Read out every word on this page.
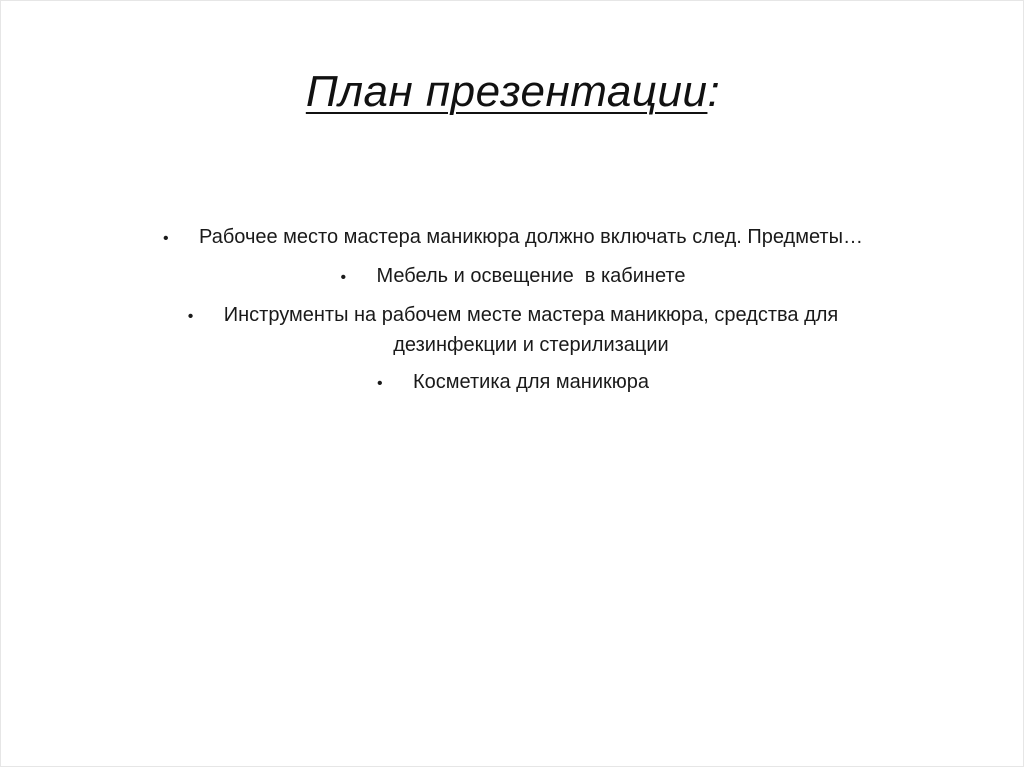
План презентации:
•	Рабочее место мастера маникюра должно включать след. Предметы…
•	Мебель и освещение  в кабинете
•	Инструменты на рабочем месте мастера маникюра, средства для
дезинфекции и стерилизации
•	Косметика для маникюра
